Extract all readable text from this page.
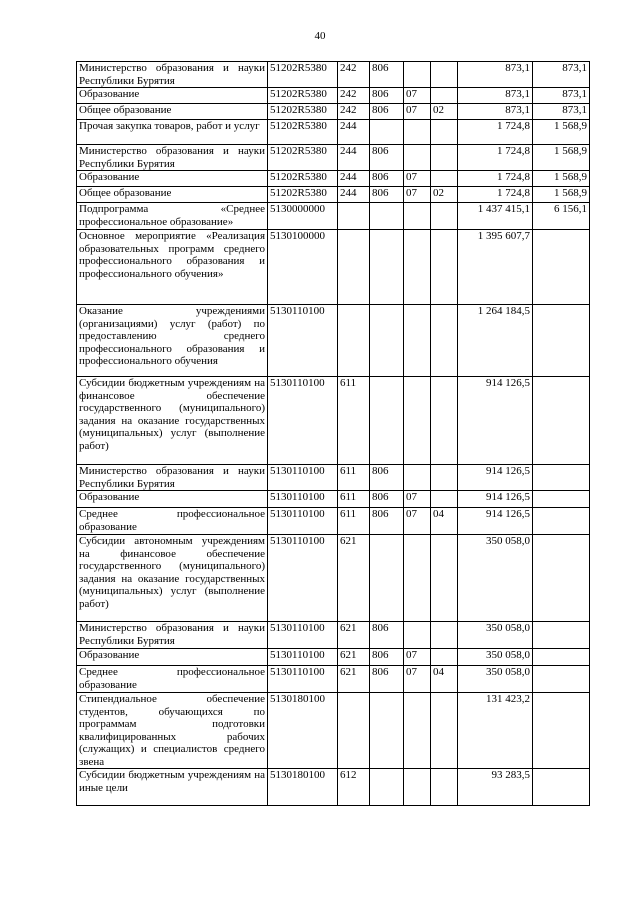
40
Министерство образования и науки Республики Бурятия	51202R5380	242	806			873,1	873,1
Образование	51202R5380	242	806	07		873,1	873,1
Общее образование	51202R5380	242	806	07	02	873,1	873,1
Прочая закупка товаров, работ и услуг	51202R5380	244				1 724,8	1 568,9
Министерство образования и науки Республики Бурятия	51202R5380	244	806			1 724,8	1 568,9
Образование	51202R5380	244	806	07		1 724,8	1 568,9
Общее образование	51202R5380	244	806	07	02	1 724,8	1 568,9
Подпрограмма «Среднее профессиональное образование»	5130000000					1 437 415,1	6 156,1
Основное мероприятие «Реализация образовательных программ среднего профессионального образования и профессионального обучения»	5130100000					1 395 607,7	
Оказание учреждениями (организациями) услуг (работ) по предоставлению среднего профессионального образования и профессионального обучения	5130110100					1 264 184,5	
Субсидии бюджетным учреждениям на финансовое обеспечение государственного (муниципального) задания на оказание государственных (муниципальных) услуг (выполнение работ)	5130110100	611				914 126,5	
Министерство образования и науки Республики Бурятия	5130110100	611	806			914 126,5	
Образование	5130110100	611	806	07		914 126,5	
Среднее профессиональное образование	5130110100	611	806	07	04	914 126,5	
Субсидии автономным учреждениям на финансовое обеспечение государственного (муниципального) задания на оказание государственных (муниципальных) услуг (выполнение работ)	5130110100	621				350 058,0	
Министерство образования и науки Республики Бурятия	5130110100	621	806			350 058,0	
Образование	5130110100	621	806	07		350 058,0	
Среднее профессиональное образование	5130110100	621	806	07	04	350 058,0	
Стипендиальное обеспечение студентов, обучающихся по программам подготовки квалифицированных рабочих (служащих) и специалистов среднего звена	5130180100					131 423,2	
Субсидии бюджетным учреждениям на иные цели	5130180100	612				93 283,5	
